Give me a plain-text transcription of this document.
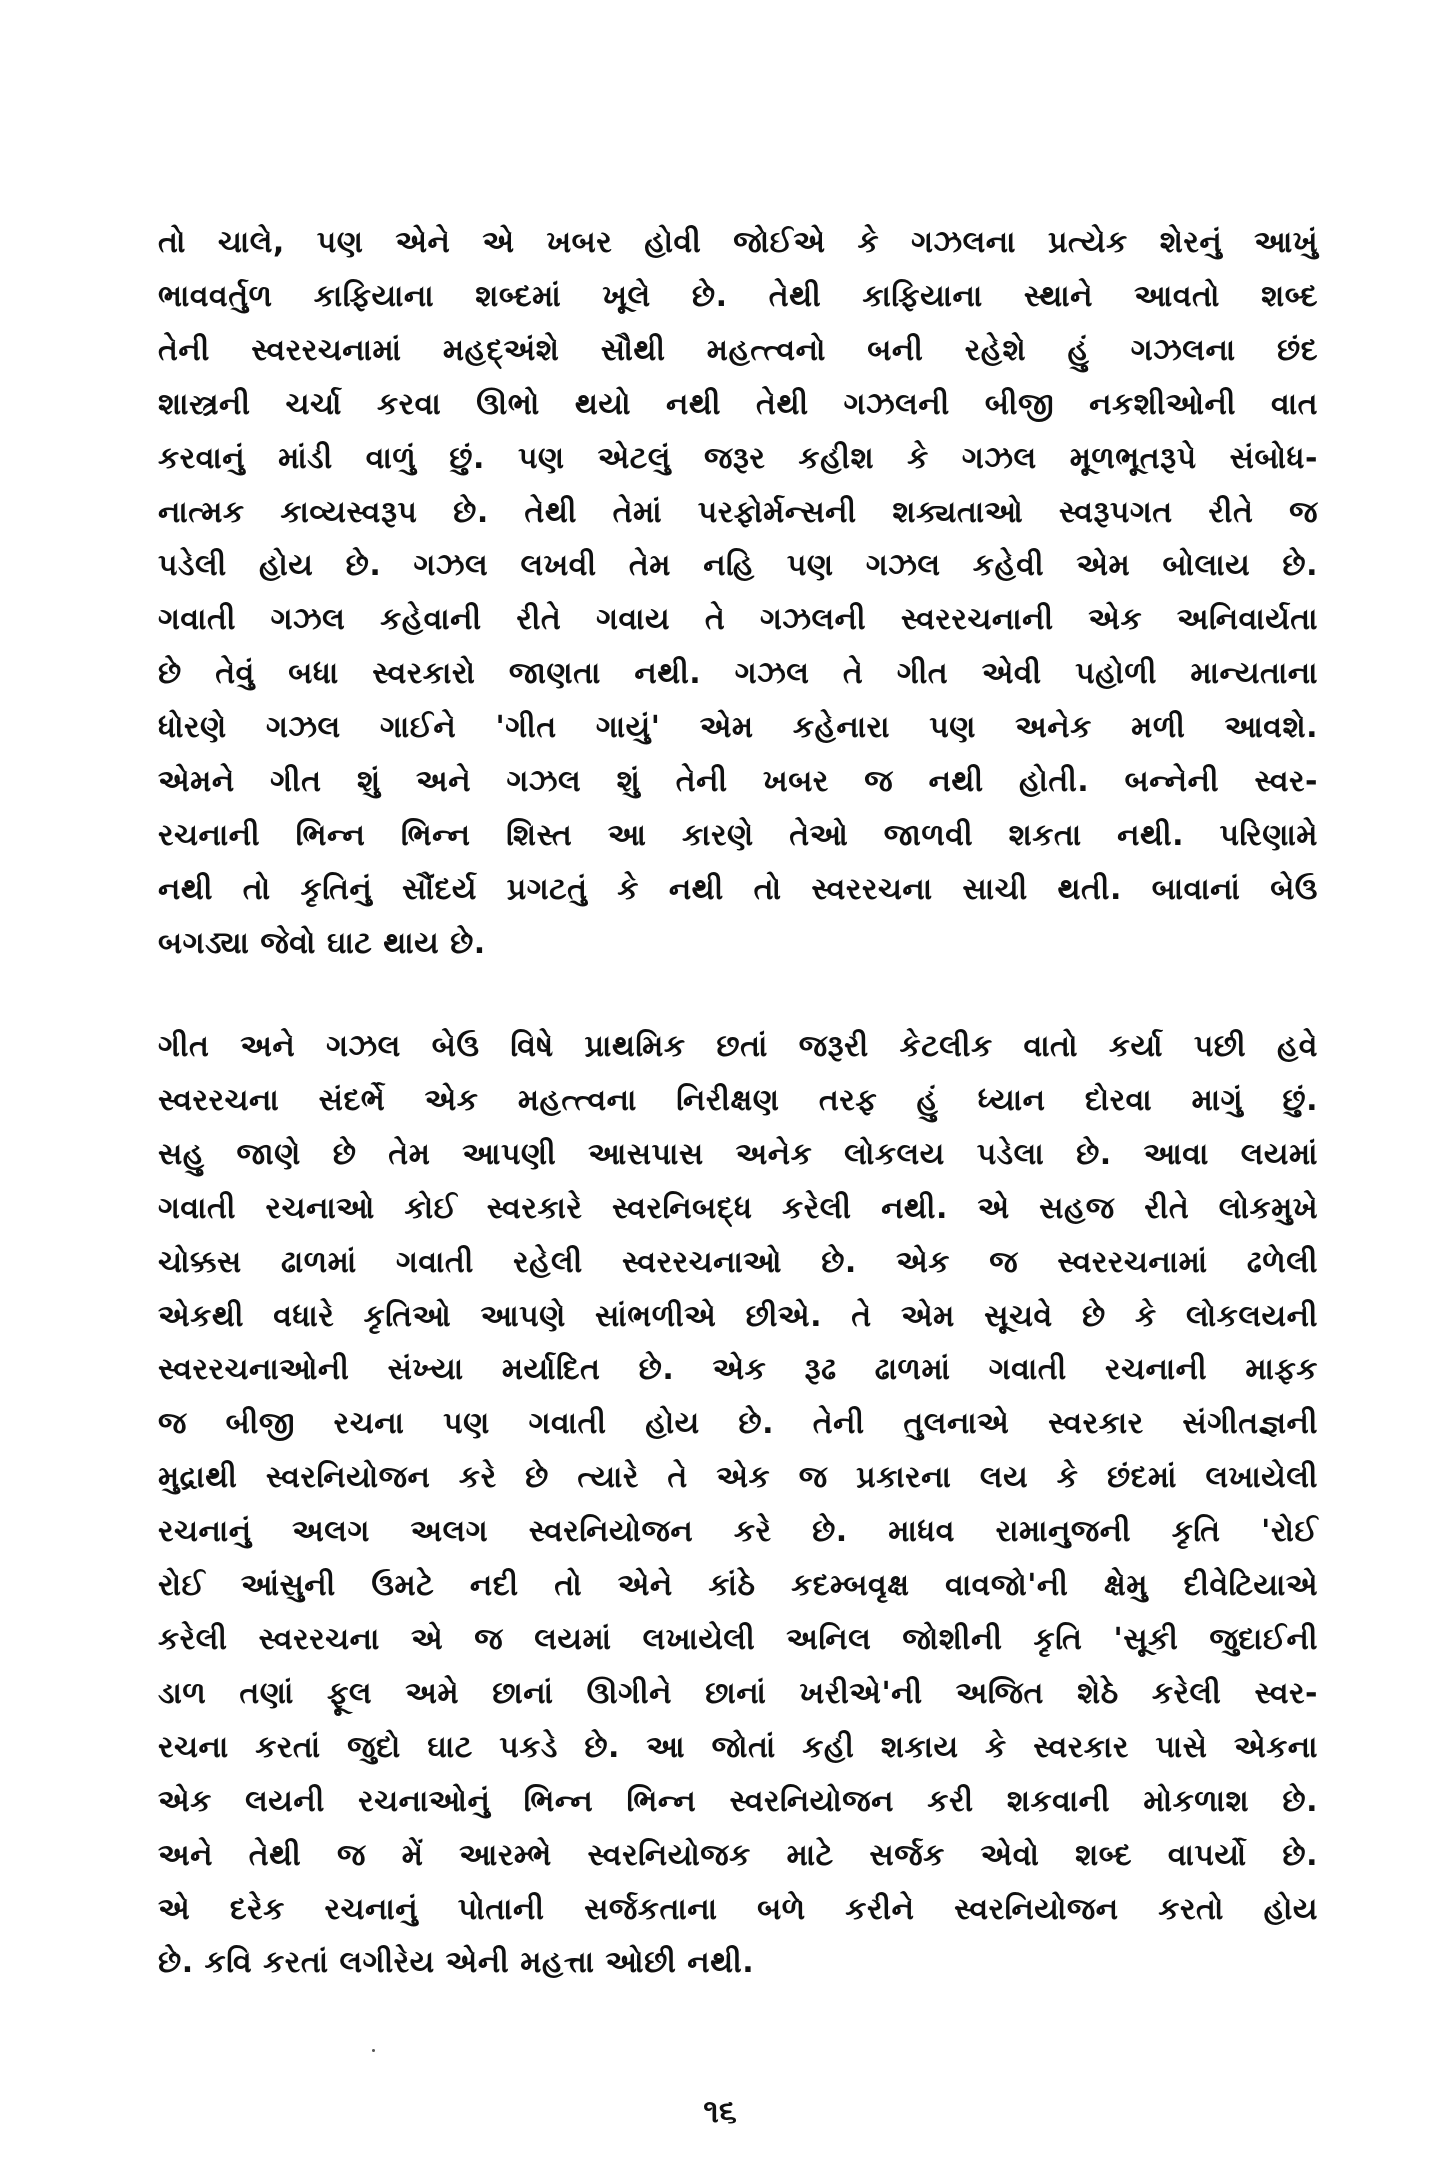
તો ચાલે, પણ એને એ ખબર હોવી જોઈએ કે ગઝલના પ્રત્યેક શેરનું આખું
ભાવવર્તુળ કાફિયાના શબ્દમાં ખૂલે છે. તેથી કાફિયાના સ્થાને આવતો શબ્દ
તેની સ્વરરચનામાં મહદ્અંશે સૌથી મહત્ત્વનો બની રહેશે હું ગઝલના છંદ
શાસ્ત્રની ચર્ચા કરવા ઊભો થયો નથી તેથી ગઝલની બીજી નકશીઓની વાત
કરવાનું માંડી વાળું છું. પણ એટલું જરૂર કહીશ કે ગઝલ મૂળભૂતરૂપે સંબોધ-
નાત્મક કાવ્યસ્વરૂપ છે. તેથી તેમાં પરફોર્મન્સની શક્યતાઓ સ્વરૂપગત રીતે જ
પડેલી હોય છે. ગઝલ લખવી તેમ નહિ પણ ગઝલ કહેવી એમ બોલાય છે.
ગવાતી ગઝલ કહેવાની રીતે ગવાય તે ગઝલની સ્વરરચનાની એક અનિવાર્યતા
છે તેવું બધા સ્વરકારો જાણતા નથી. ગઝલ તે ગીત એવી પહોળી માન્યતાના
ધોરણે ગઝલ ગાઈને 'ગીત ગાયું' એમ કહેનારા પણ અનેક મળી આવશે.
એમને ગીત શું અને ગઝલ શું તેની ખબર જ નથી હોતી. બન્નેની સ્વર-
રચનાની ભિન્ન ભિન્ન શિસ્ત આ કારણે તેઓ જાળવી શકતા નથી. પરિણામે
નથી તો કૃતિનું સૌંદર્ય પ્રગટતું કે નથી તો સ્વરરચના સાચી થતી. બાવાનાં બેઉ
બગડ્યા જેવો ઘાટ થાય છે.
ગીત અને ગઝલ બેઉ વિષે પ્રાથમિક છતાં જરૂરી કેટલીક વાતો કર્યા પછી હવે
સ્વરરચના સંદર્ભે એક મહત્ત્વના નિરીક્ષણ તરફ હું ધ્યાન દોરવા માગું છું.
સહુ જાણે છે તેમ આપણી આસપાસ અનેક લોકલય પડેલા છે. આવા લયમાં
ગવાતી રચનાઓ કોઈ સ્વરકારે સ્વરનિબદ્ધ કરેલી નથી. એ સહજ રીતે લોકમુખે
ચોક્કસ ઢાળમાં ગવાતી રહેલી સ્વરરચનાઓ છે. એક જ સ્વરરચનામાં ઢળેલી
એકથી વધારે કૃતિઓ આપણે સાંભળીએ છીએ. તે એમ સૂચવે છે કે લોકલયની
સ્વરરચનાઓની સંખ્યા મર્યાદિત છે. એક રૂઢ ઢાળમાં ગવાતી રચનાની માફક
જ બીજી રચના પણ ગવાતી હોય છે. તેની તુલનાએ સ્વરકાર સંગીતજ્ઞની
મુદ્રાથી સ્વરનિયોજન કરે છે ત્યારે તે એક જ પ્રકારના લય કે છંદમાં લખાયેલી
રચનાનું અલગ અલગ સ્વરનિયોજન કરે છે. માધવ રામાનુજની કૃતિ 'રોઈ
રોઈ આંસુની ઉમટે નદી તો એને કાંઠે કદમ્બવૃક્ષ વાવજો'ની ક્ષેમુ દીવેટિયાએ
કરેલી સ્વરરચના એ જ લયમાં લખાયેલી અનિલ જોશીની કૃતિ 'સૂકી જુદાઈની
ડાળ તણાં ફૂલ અમે છાનાં ઊગીને છાનાં ખરીએ'ની અજિત શેઠે કરેલી સ્વર-
રચના કરતાં જુદો ઘાટ પકડે છે. આ જોતાં કહી શકાય કે સ્વરકાર પાસે એકના
એક લયની રચનાઓનું ભિન્ન ભિન્ન સ્વરનિયોજન કરી શકવાની મોકળાશ છે.
અને તેથી જ મેં આરમ્ભે સ્વરનિયોજક માટે સર્જક એવો શબ્દ વાપર્યો છે.
એ દરેક રચનાનું પોતાની સર્જકતાના બળે કરીને સ્વરનિયોજન કરતો હોય
છે. કવિ કરતાં લગીરેય એની મહત્તા ઓછી નથી.
૧૬
